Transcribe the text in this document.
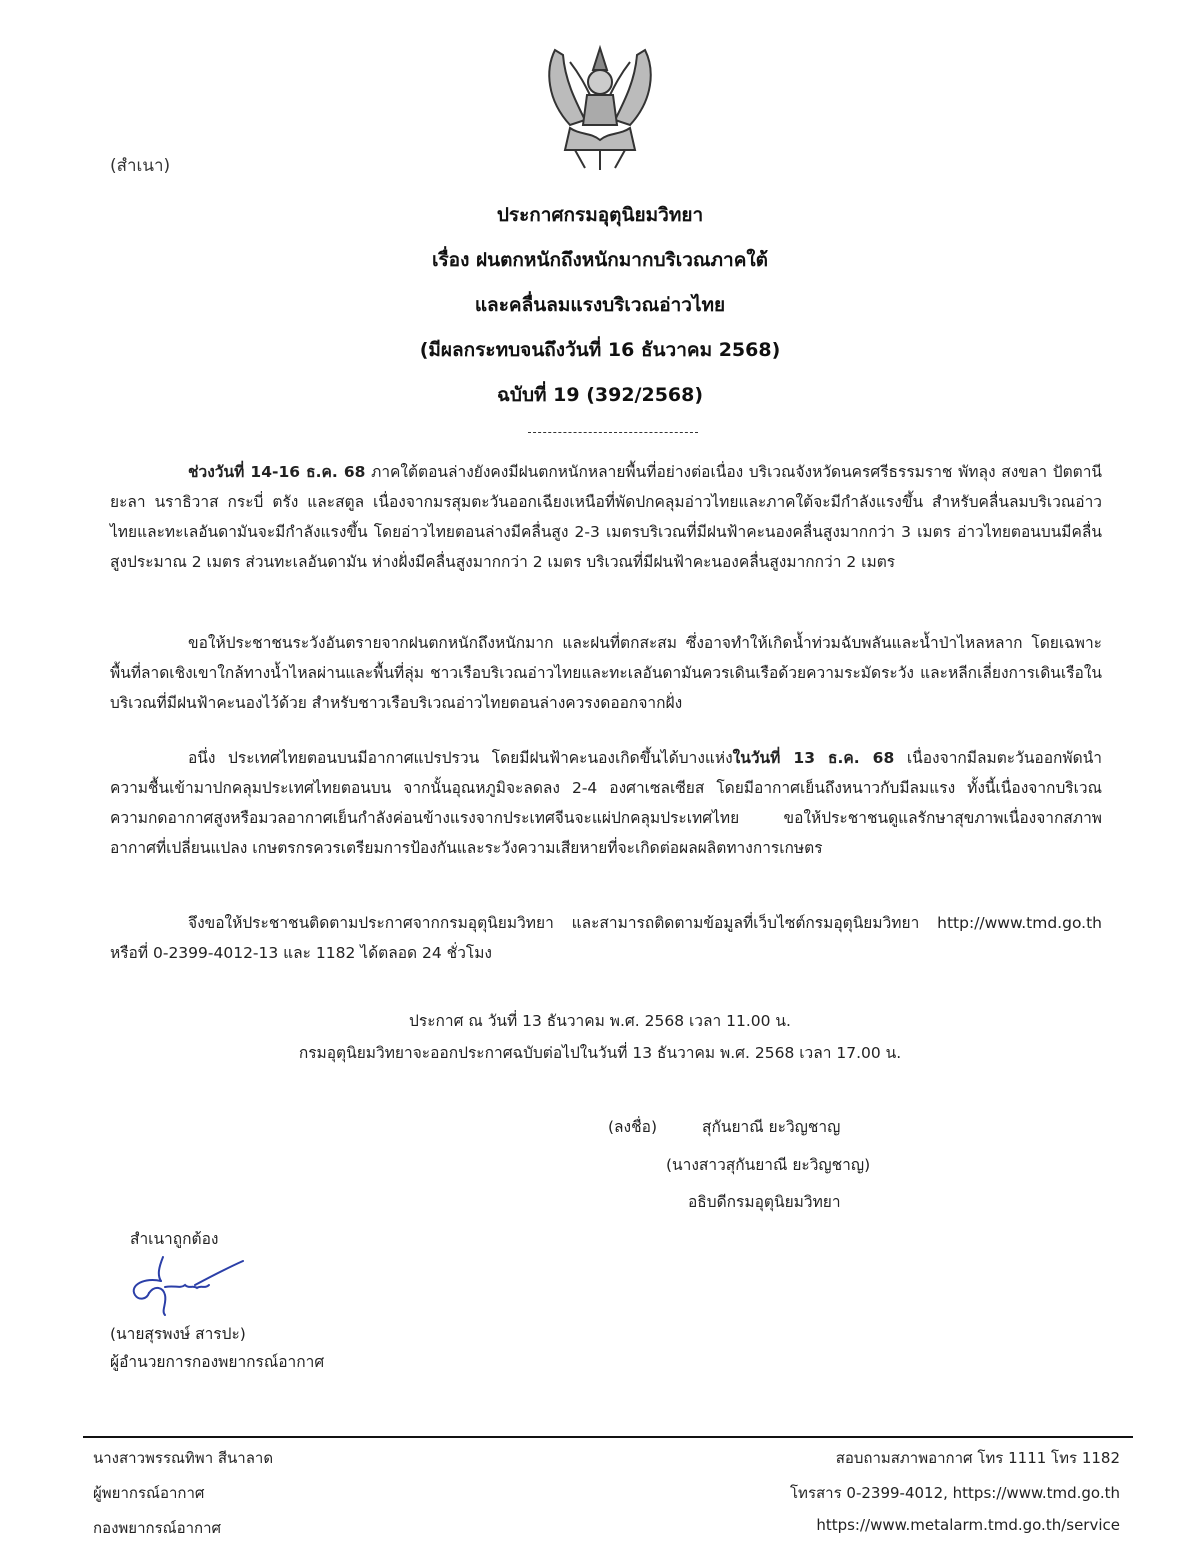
(สำเนา)
ประกาศกรมอุตุนิยมวิทยา
เรื่อง ฝนตกหนักถึงหนักมากบริเวณภาคใต้
และคลื่นลมแรงบริเวณอ่าวไทย
(มีผลกระทบจนถึงวันที่ 16 ธันวาคม 2568)
ฉบับที่ 19 (392/2568)
ช่วงวันที่ 14-16 ธ.ค. 68 ภาคใต้ตอนล่างยังคงมีฝนตกหนักหลายพื้นที่อย่างต่อเนื่อง บริเวณจังหวัดนครศรีธรรมราช พัทลุง สงขลา ปัตตานี ยะลา นราธิวาส กระบี่ ตรัง และสตูล เนื่องจากมรสุมตะวันออกเฉียงเหนือที่พัดปกคลุมอ่าวไทยและภาคใต้จะมีกำลังแรงขึ้น สำหรับคลื่นลมบริเวณอ่าวไทยและทะเลอันดามันจะมีกำลังแรงขึ้น โดยอ่าวไทยตอนล่างมีคลื่นสูง 2-3 เมตรบริเวณที่มีฝนฟ้าคะนองคลื่นสูงมากกว่า 3 เมตร อ่าวไทยตอนบนมีคลื่นสูงประมาณ 2 เมตร ส่วนทะเลอันดามัน ห่างฝั่งมีคลื่นสูงมากกว่า 2 เมตร บริเวณที่มีฝนฟ้าคะนองคลื่นสูงมากกว่า 2 เมตร
ขอให้ประชาชนระวังอันตรายจากฝนตกหนักถึงหนักมาก และฝนที่ตกสะสม ซึ่งอาจทำให้เกิดน้ำท่วมฉับพลันและน้ำป่าไหลหลาก โดยเฉพาะพื้นที่ลาดเชิงเขาใกล้ทางน้ำไหลผ่านและพื้นที่ลุ่ม ชาวเรือบริเวณอ่าวไทยและทะเลอันดามันควรเดินเรือด้วยความระมัดระวัง และหลีกเลี่ยงการเดินเรือในบริเวณที่มีฝนฟ้าคะนองไว้ด้วย สำหรับชาวเรือบริเวณอ่าวไทยตอนล่างควรงดออกจากฝั่ง
อนึ่ง ประเทศไทยตอนบนมีอากาศแปรปรวน โดยมีฝนฟ้าคะนองเกิดขึ้นได้บางแห่งในวันที่ 13 ธ.ค. 68 เนื่องจากมีลมตะวันออกพัดนำความชื้นเข้ามาปกคลุมประเทศไทยตอนบน จากนั้นอุณหภูมิจะลดลง 2-4 องศาเซลเซียส โดยมีอากาศเย็นถึงหนาวกับมีลมแรง ทั้งนี้เนื่องจากบริเวณความกดอากาศสูงหรือมวลอากาศเย็นกำลังค่อนข้างแรงจากประเทศจีนจะแผ่ปกคลุมประเทศไทย ขอให้ประชาชนดูแลรักษาสุขภาพเนื่องจากสภาพอากาศที่เปลี่ยนแปลง เกษตรกรควรเตรียมการป้องกันและระวังความเสียหายที่จะเกิดต่อผลผลิตทางการเกษตร
จึงขอให้ประชาชนติดตามประกาศจากกรมอุตุนิยมวิทยา และสามารถติดตามข้อมูลที่เว็บไซต์กรมอุตุนิยมวิทยา http://www.tmd.go.th หรือที่ 0-2399-4012-13 และ 1182 ได้ตลอด 24 ชั่วโมง
ประกาศ ณ วันที่ 13 ธันวาคม พ.ศ. 2568 เวลา 11.00 น.
กรมอุตุนิยมวิทยาจะออกประกาศฉบับต่อไปในวันที่ 13 ธันวาคม พ.ศ. 2568 เวลา 17.00 น.
(ลงชื่อ)	สุกันยาณี ยะวิญชาญ
(นางสาวสุกันยาณี ยะวิญชาญ)
อธิบดีกรมอุตุนิยมวิทยา
สำเนาถูกต้อง
(นายสุรพงษ์ สารปะ)
ผู้อำนวยการกองพยากรณ์อากาศ
นางสาวพรรณทิพา สีนาลาด
ผู้พยากรณ์อากาศ
กองพยากรณ์อากาศ
สอบถามสภาพอากาศ โทร 1111 โทร 1182
โทรสาร 0-2399-4012, https://www.tmd.go.th
https://www.metalarm.tmd.go.th/service
